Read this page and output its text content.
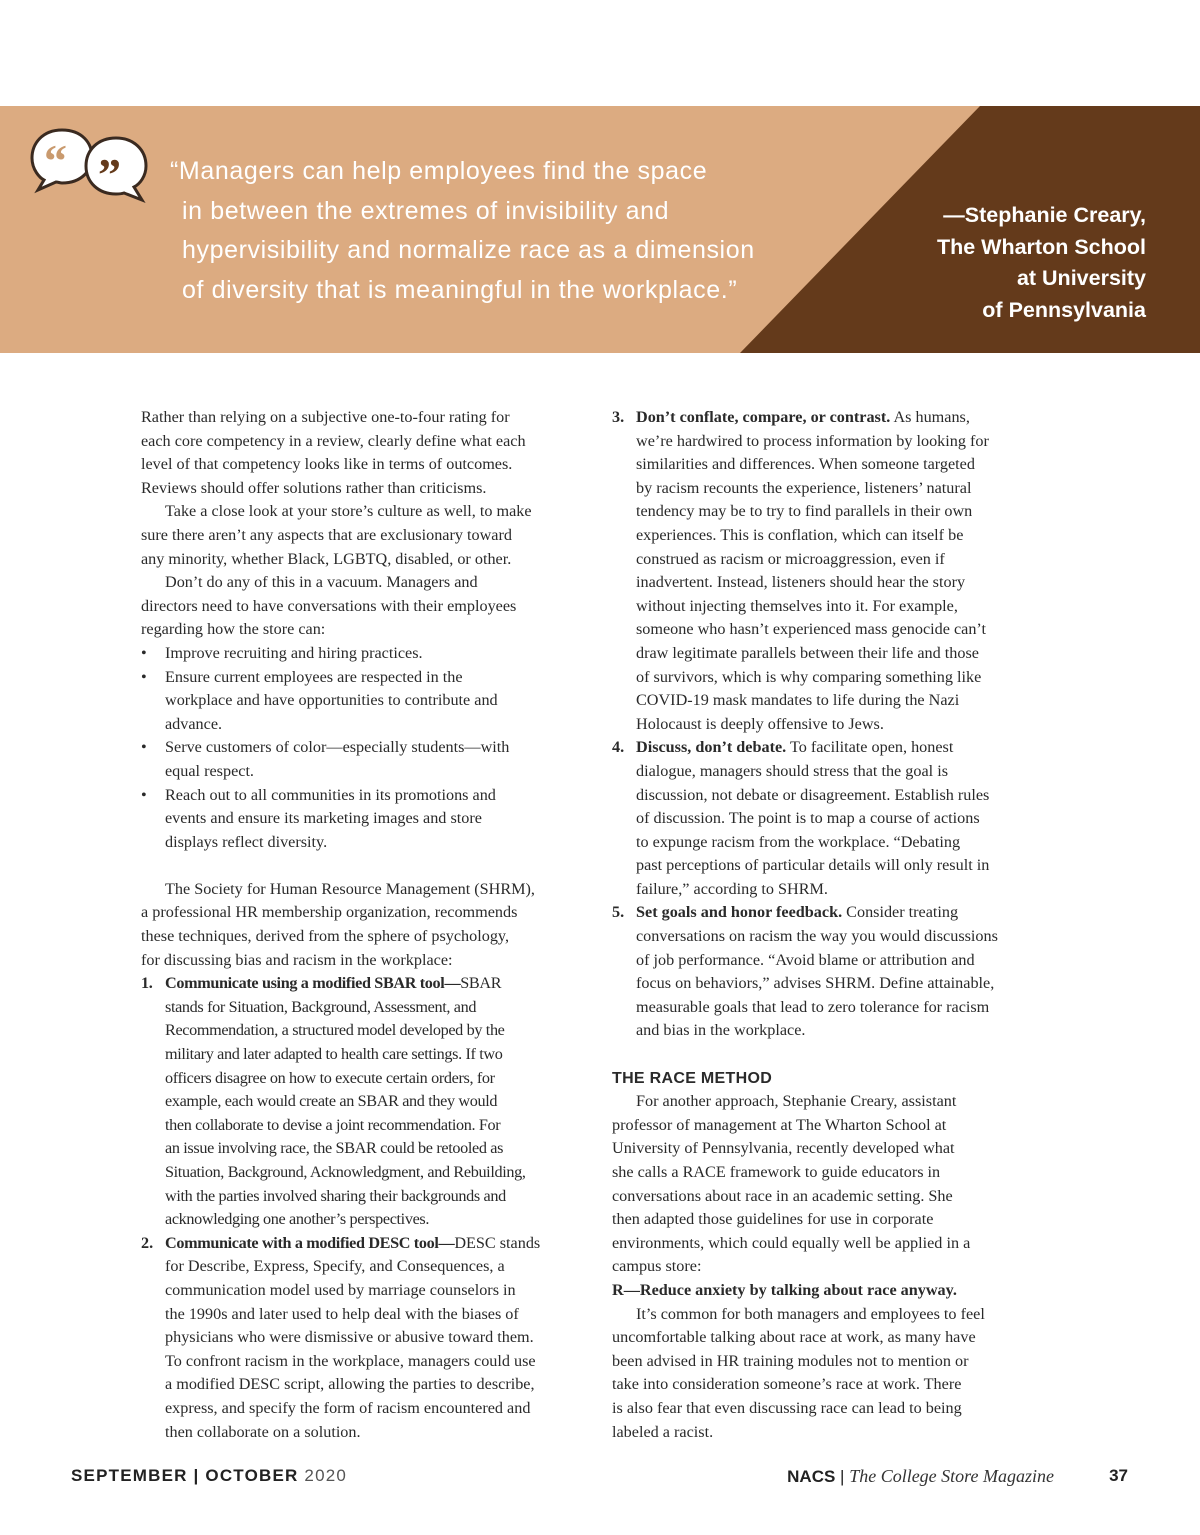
“ ” “Managers can help employees find the space
in between the extremes of invisibility and
hypervisibility and normalize race as a dimension
of diversity that is meaningful in the workplace.”
—Stephanie Creary,
The Wharton School
at University
of Pennsylvania
Rather than relying on a subjective one-to-four rating for
each core competency in a review, clearly define what each
level of that competency looks like in terms of outcomes.
Reviews should offer solutions rather than criticisms.
Take a close look at your store’s culture as well, to make
sure there aren’t any aspects that are exclusionary toward
any minority, whether Black, LGBTQ, disabled, or other.
Don’t do any of this in a vacuum. Managers and
directors need to have conversations with their employees
regarding how the store can:
• Improve recruiting and hiring practices.
• Ensure current employees are respected in the
workplace and have opportunities to contribute and
advance.
• Serve customers of color—especially students—with
equal respect.
• Reach out to all communities in its promotions and
events and ensure its marketing images and store
displays reflect diversity.
The Society for Human Resource Management (SHRM),
a professional HR membership organization, recommends
these techniques, derived from the sphere of psychology,
for discussing bias and racism in the workplace:
1. Communicate using a modified SBAR tool—SBAR
stands for Situation, Background, Assessment, and
Recommendation, a structured model developed by the
military and later adapted to health care settings. If two
officers disagree on how to execute certain orders, for
example, each would create an SBAR and they would
then collaborate to devise a joint recommendation. For
an issue involving race, the SBAR could be retooled as
Situation, Background, Acknowledgment, and Rebuilding,
with the parties involved sharing their backgrounds and
acknowledging one another’s perspectives.
2. Communicate with a modified DESC tool—DESC stands
for Describe, Express, Specify, and Consequences, a
communication model used by marriage counselors in
the 1990s and later used to help deal with the biases of
physicians who were dismissive or abusive toward them.
To confront racism in the workplace, managers could use
a modified DESC script, allowing the parties to describe,
express, and specify the form of racism encountered and
then collaborate on a solution.
3. Don’t conflate, compare, or contrast. As humans,
we’re hardwired to process information by looking for
similarities and differences. When someone targeted
by racism recounts the experience, listeners’ natural
tendency may be to try to find parallels in their own
experiences. This is conflation, which can itself be
construed as racism or microaggression, even if
inadvertent. Instead, listeners should hear the story
without injecting themselves into it. For example,
someone who hasn’t experienced mass genocide can’t
draw legitimate parallels between their life and those
of survivors, which is why comparing something like
COVID-19 mask mandates to life during the Nazi
Holocaust is deeply offensive to Jews.
4. Discuss, don’t debate. To facilitate open, honest
dialogue, managers should stress that the goal is
discussion, not debate or disagreement. Establish rules
of discussion. The point is to map a course of actions
to expunge racism from the workplace. “Debating
past perceptions of particular details will only result in
failure,” according to SHRM.
5. Set goals and honor feedback. Consider treating
conversations on racism the way you would discussions
of job performance. “Avoid blame or attribution and
focus on behaviors,” advises SHRM. Define attainable,
measurable goals that lead to zero tolerance for racism
and bias in the workplace.
THE RACE METHOD
For another approach, Stephanie Creary, assistant
professor of management at The Wharton School at
University of Pennsylvania, recently developed what
she calls a RACE framework to guide educators in
conversations about race in an academic setting. She
then adapted those guidelines for use in corporate
environments, which could equally well be applied in a
campus store:
R—Reduce anxiety by talking about race anyway.
It’s common for both managers and employees to feel
uncomfortable talking about race at work, as many have
been advised in HR training modules not to mention or
take into consideration someone’s race at work. There
is also fear that even discussing race can lead to being
labeled a racist.
SEPTEMBER | OCTOBER 2020	NACS | The College Store Magazine	37
